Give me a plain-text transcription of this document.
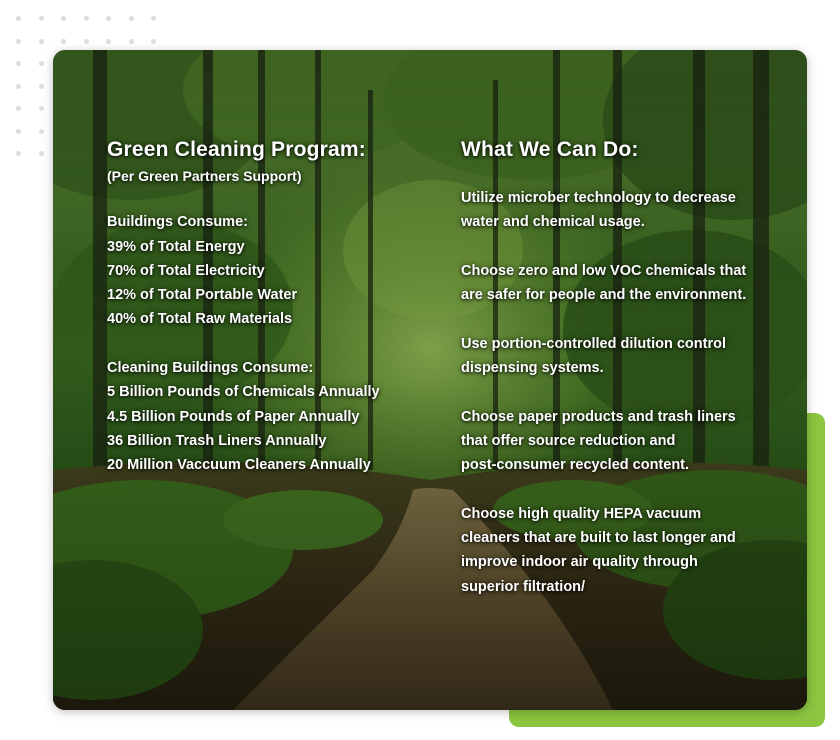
Green Cleaning Program:
(Per Green Partners Support)
Buildings Consume:
39% of Total Energy
70% of Total Electricity
12% of Total Portable Water
40% of Total Raw Materials
Cleaning Buildings Consume:
5 Billion Pounds of Chemicals Annually
4.5 Billion Pounds of Paper Annually
36 Billion Trash Liners Annually
20 Million Vaccuum Cleaners Annually
What We Can Do:
Utilize microber technology to decrease
water and chemical usage.
Choose zero and low VOC chemicals that
are safer for people and the environment.
Use portion-controlled dilution control
dispensing systems.
Choose paper products and trash liners
that offer source reduction and
post-consumer recycled content.
Choose high quality HEPA vacuum
cleaners that are built to last longer and
improve indoor air quality through
superior filtration/
